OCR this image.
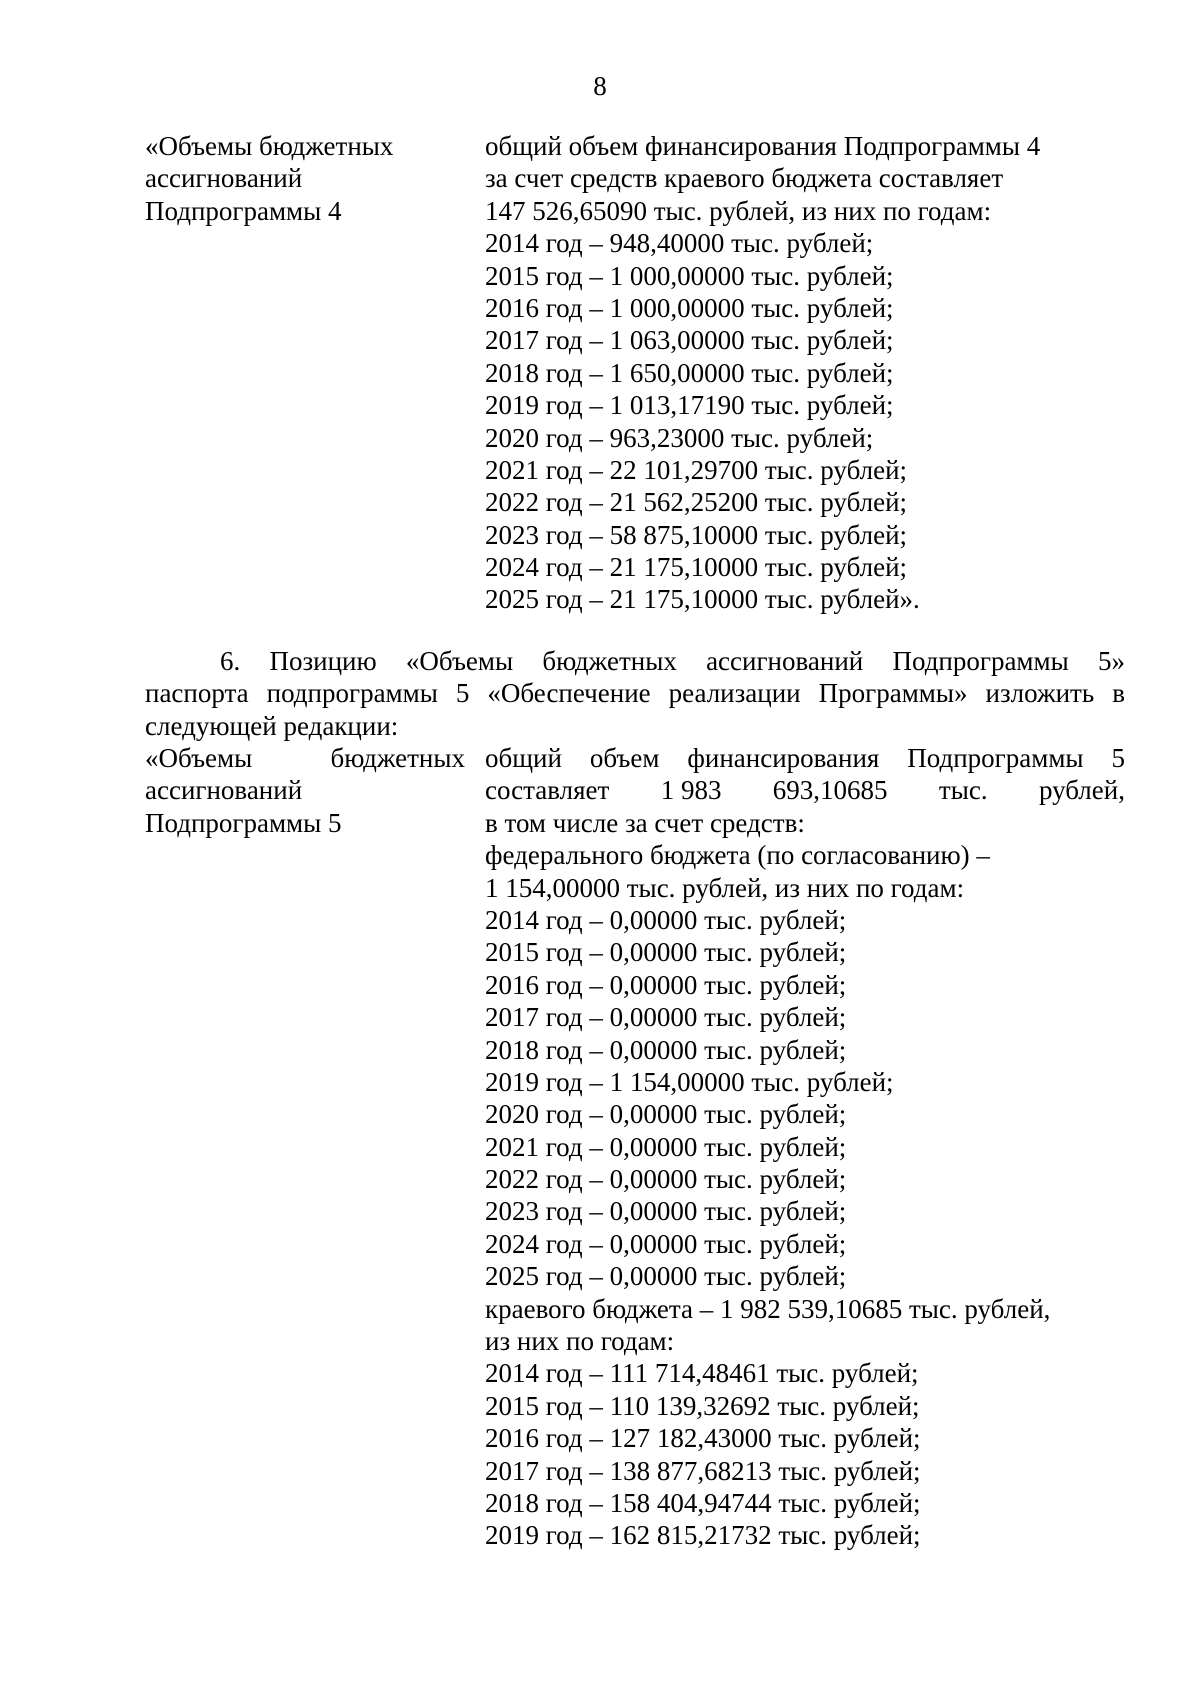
8
«Объемы бюджетных
ассигнований
Подпрограммы 4
общий объем финансирования Подпрограммы 4
за счет средств краевого бюджета составляет
147 526,65090 тыс. рублей, из них по годам:
2014 год – 948,40000 тыс. рублей;
2015 год – 1 000,00000 тыс. рублей;
2016 год – 1 000,00000 тыс. рублей;
2017 год – 1 063,00000 тыс. рублей;
2018 год – 1 650,00000 тыс. рублей;
2019 год – 1 013,17190 тыс. рублей;
2020 год – 963,23000 тыс. рублей;
2021 год – 22 101,29700 тыс. рублей;
2022 год – 21 562,25200 тыс. рублей;
2023 год – 58 875,10000 тыс. рублей;
2024 год – 21 175,10000 тыс. рублей;
2025 год – 21 175,10000 тыс. рублей».
6. Позицию «Объемы бюджетных ассигнований Подпрограммы 5»
паспорта подпрограммы 5 «Обеспечение реализации Программы» изложить в
следующей редакции:
«Объемы	бюджетных
ассигнований
Подпрограммы 5
общий объем финансирования Подпрограммы 5
составляет 1 983 693,10685 тыс. рублей,
в том числе за счет средств:
федерального бюджета (по согласованию) –
1 154,00000 тыс. рублей, из них по годам:
2014 год – 0,00000 тыс. рублей;
2015 год – 0,00000 тыс. рублей;
2016 год – 0,00000 тыс. рублей;
2017 год – 0,00000 тыс. рублей;
2018 год – 0,00000 тыс. рублей;
2019 год – 1 154,00000 тыс. рублей;
2020 год – 0,00000 тыс. рублей;
2021 год – 0,00000 тыс. рублей;
2022 год – 0,00000 тыс. рублей;
2023 год – 0,00000 тыс. рублей;
2024 год – 0,00000 тыс. рублей;
2025 год – 0,00000 тыс. рублей;
краевого бюджета – 1 982 539,10685 тыс. рублей,
из них по годам:
2014 год – 111 714,48461 тыс. рублей;
2015 год – 110 139,32692 тыс. рублей;
2016 год – 127 182,43000 тыс. рублей;
2017 год – 138 877,68213 тыс. рублей;
2018 год – 158 404,94744 тыс. рублей;
2019 год – 162 815,21732 тыс. рублей;
